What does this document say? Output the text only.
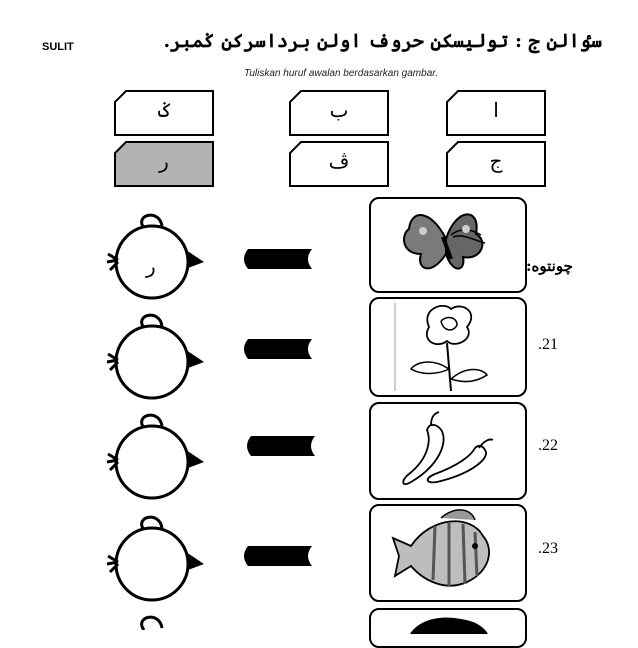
SULIT	سوٴالن ج : توليسکن حروف اولن برداسرکن ݢمبر.
Tuliskan huruf awalan berdasarkan gambar.
ا
ب
ݢ
ج
ڤ
ر
ر	چونتوه:
.21
.22
.23
